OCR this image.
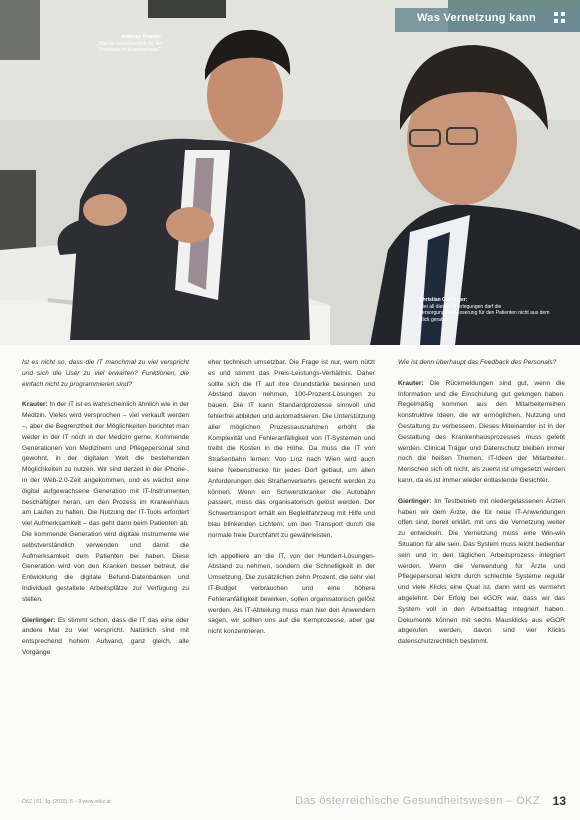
Was Vernetzung kann
Andreas Krauter:
„Wer ist verantwortlich für die Prozesse im Krankenhaus?“
Christian Gierlinger:
„Bei all diesen Überlegungen darf die Versorgungsverbesserung für den Patienten nicht aus dem Blick geraten.“

Ist es nicht so, dass die IT manchmal zu viel verspricht und sich die User zu viel erwarten? Funktionen, die einfach nicht zu programmieren sind?

Krauter: In der IT ist es wahrscheinlich ähnlich wie in der Medizin. Vieles wird versprochen – viel verkauft werden –, aber die Begrenztheit der Möglichkeiten berichtet man weder in der IT noch in der Medizin gerne. Kommende Generationen von Medizinern und Pflegepersonal sind gewohnt, in der digitalen Welt die bestehenden Möglichkeiten zu nutzen. Wir sind derzeit in der iPhone-, in der Web-2.0-Zeit angekommen, und es wächst eine digital aufgewachsene Generation mit IT-Instrumenten beschäftigter heran, um den Prozess im Krankenhaus am Laufen zu halten. Die Nutzung der IT-Tools erfordert viel Aufmerksamkeit – das geht dann beim Patienten ab. Die kommende Generation wird digitale Instrumente wie selbstverständlich verwenden und damit die Aufmerksamkeit dem Patienten bei haben. Diese Generation wird von den Kranken besser betreut, die Entwicklung die digitale Befund-Datenbanken und Individuell gestaltete Arbeitsplätze zur Verfügung zu stellen.

Gierlinger: Es stimmt schon, dass die IT das eine oder andere Mal zu viel verspricht. Natürlich sind mit entsprechend hohem Aufwand, ganz gleich, alle Vorgänge

eher technisch umsetzbar. Die Frage ist nur, wem nützt es und stimmt das Preis-Leistungs-Verhältnis. Daher sollte sich die IT auf ihre Grundstärke besinnen und Abstand davon nehmen, 100-Prozent-Lösungen zu bauen. Die IT kann Standardprozesse sinnvoll und fehlerfrei abbilden und automatisieren. Die Unterstützung aller möglichen Prozessausnahmen erhöht die Komplexität und Fehleranfälligkeit von IT-Systemen und treibt die Kosten in die Höhe. Da muss die IT von Straßenbahn lernen: Von Linz nach Wien wird auch keine Nebenstrecke für jedes Dorf gebaut, um allen Anforderungen des Straßenverkehrs gerecht werden zu können. Wenn ein Schwerstkranker die Autobahn passiert, muss das organisatorisch gelöst werden. Der Schwertransport erhält ein Begleitfahrzeug mit Hilfe und blau blinkenden Lichtern, um den Transport durch die normale freie Durchfahrt zu gewährleisten.

Ich appelliere an die IT, von der Hundert-Lösungen-Abstand zu nehmen, sondern die Schnelligkeit in der Umsetzung. Die zusätzlichen zehn Prozent, die sehr viel IT-Budget verbrauchen und eine höhere Fehleranfälligkeit bewirken, sollen organisatorisch gelöst werden. Als IT-Abteilung muss man hier den Anwendern sagen, wir sollten uns auf die Kernprozesse, aber gar nicht konzentrieren.

Wie ist denn überhaupt das Feedback des Personals?

Krauter: Die Rückmeldungen sind gut, wenn die Information und die Einschulung gut gelungen haben. Regelmäßig kommen aus den Mitarbeiterreihen konstruktive Ideen, die wir ermöglichen. Nutzung und Gestaltung zu verbessern. Dieses Miteinander ist in der Gestaltung des Krankenhausprozesses muss gelebt werden. Clinical Träger und Datenschutz bleiben immer noch die heißen Themen. IT-Ideen der Mitarbeiter, Menschen sich oft nicht, als zuerst ist umgesetzt werden kann, da es ist immer wieder entlastende Gesichter.

Gierlinger: Im Testbetrieb mit niedergelassenen Ärzten haben wir dem Ärzte, die für neue IT-Anwendungen offen sind, bereit erklärt, mit uns die Vernetzung weiter zu entwickeln. Die Vernetzung muss eine Win-win Situation für alle sein. Das System muss leicht bedienbar sein und in den täglichen Arbeitsprozess integriert werden. Wenn die Verwendung für Ärzte und Pflegepersonal leicht durch schlechte Systeme regulär und viele Klicks eine Qual ist, dann wird es vermehrt abgelehnt. Der Erfolg bei eGOR war, dass wir das System voll in den Arbeitsalltag integriert haben. Dokumente können mit sechs Mausklicks aus eGOR abgerufen werden, davon sind vier Klicks datenschutzrechtlich bestimmt.

ÖKZ | 51. Jg. (2010), 8 – 9 www.oekz.at	Das österreichische Gesundheitswesen – ÖKZ 13
